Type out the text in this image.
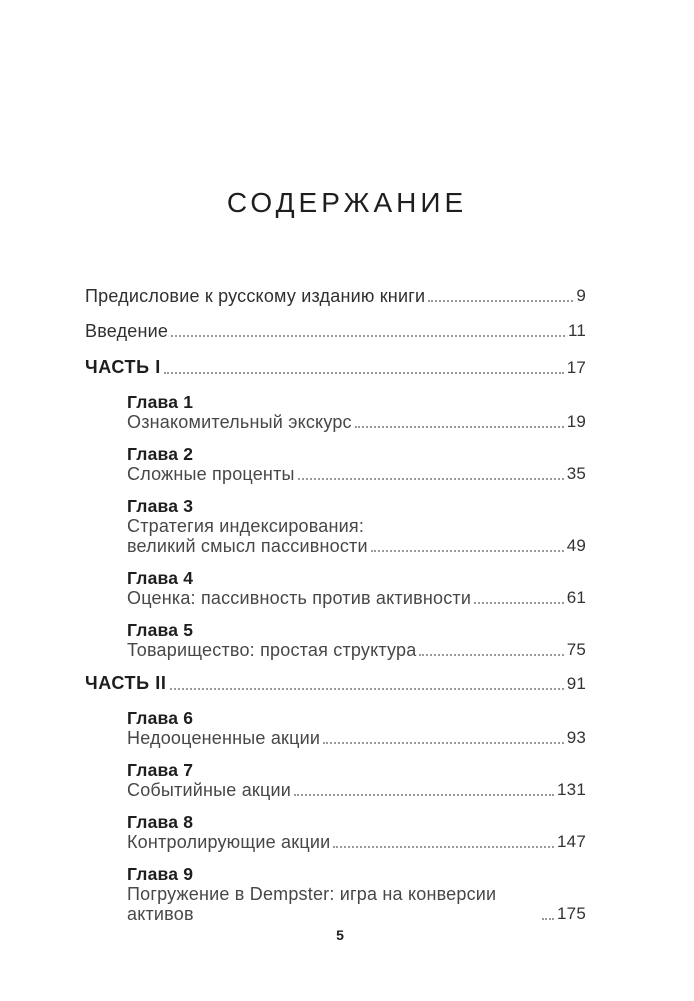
СОДЕРЖАНИЕ
Предисловие к русскому изданию книги	9
Введение	11
ЧАСТЬ I	17
Глава 1
Ознакомительный экскурс	19
Глава 2
Сложные проценты	35
Глава 3
Стратегия индексирования:
великий смысл пассивности	49
Глава 4
Оценка: пассивность против активности	61
Глава 5
Товарищество: простая структура	75
ЧАСТЬ II	91
Глава 6
Недооцененные акции	93
Глава 7
Событийные акции	131
Глава 8
Контролирующие акции	147
Глава 9
Погружение в Dempster: игра на конверсии активов	175
5
